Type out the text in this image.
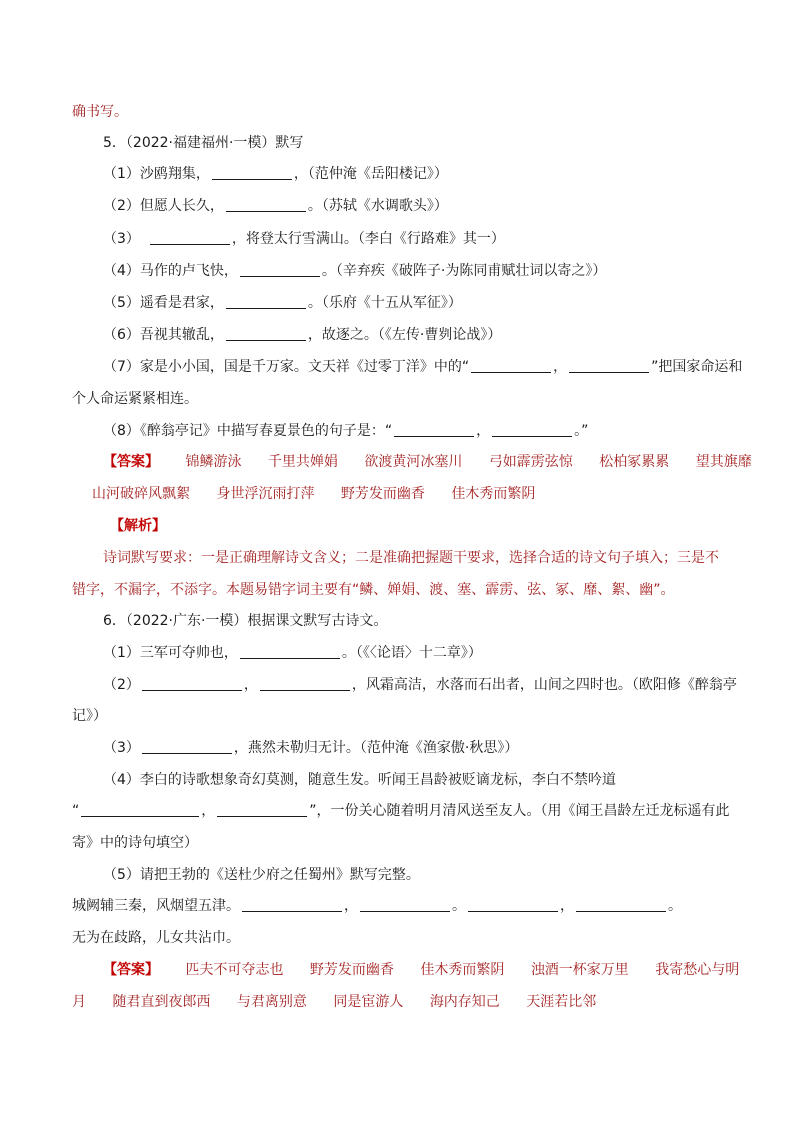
确书写。
5．（2022·福建福州·一模）默写
（1）沙鸥翔集，	，（范仲淹《岳阳楼记》）
（2）但愿人长久，	。（苏轼《水调歌头》）
（3）	，将登太行雪满山。（李白《行路难》其一）
（4）马作的卢飞快，	。（辛弃疾《破阵子·为陈同甫赋壮词以寄之》）
（5）遥看是君家，	。（乐府《十五从军征》）
（6）吾视其辙乱，	，故逐之。（《左传·曹刿论战》）
（7）家是小小国，国是千万家。文天祥《过零丁洋》中的“	，	”把国家命运和
个人命运紧紧相连。
（8）《醉翁亭记》中描写春夏景色的句子是：“	，	。”
【答案】 锦鳞游泳 千里共婵娟 欲渡黄河冰塞川 弓如霹雳弦惊 松柏冢累累 望其旗靡
山河破碎风飘絮 身世浮沉雨打萍 野芳发而幽香 佳木秀而繁阴
【解析】
诗词默写要求：一是正确理解诗文含义；二是准确把握题干要求，选择合适的诗文句子填入；三是不
错字，不漏字，不添字。本题易错字词主要有“鳞、婵娟、渡、塞、霹雳、弦、冢、靡、絮、幽”。
6．（2022·广东·一模）根据课文默写古诗文。
（1）三军可夺帅也，	。（《〈论语〉十二章》）
（2）	，	，风霜高洁，水落而石出者，山间之四时也。（欧阳修《醉翁亭
记》）
（3）	，燕然未勒归无计。（范仲淹《渔家傲·秋思》）
（4）李白的诗歌想象奇幻莫测，随意生发。听闻王昌龄被贬谪龙标，李白不禁吟道
“	，	”，一份关心随着明月清风送至友人。（用《闻王昌龄左迁龙标遥有此
寄》中的诗句填空）
（5）请把王勃的《送杜少府之任蜀州》默写完整。
城阙辅三秦，风烟望五津。	，	。	，	。
无为在歧路，儿女共沾巾。
【答案】 匹夫不可夺志也 野芳发而幽香 佳木秀而繁阴 浊酒一杯家万里 我寄愁心与明
月 随君直到夜郎西 与君离别意 同是宦游人 海内存知己 天涯若比邻
